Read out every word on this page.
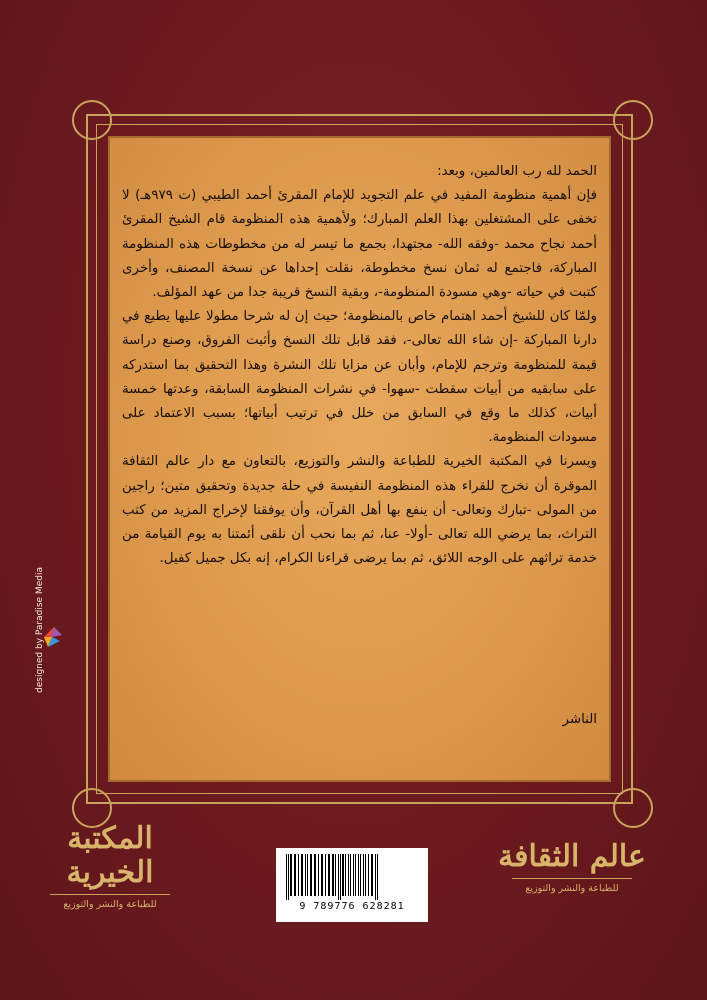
الحمد لله رب العالمين، وبعد:

فإن أهمية منظومة المفيد في علم التجويد للإمام المقرئ أحمد الطيبي (ت ٩٧٩هـ) لا تخفى على المشتغلين بهذا العلم المبارك؛ ولأهمية هذه المنظومة قام الشيخ المقرئ أحمد نجاح محمد -وفقه الله- مجتهدا، بجمع ما تيسر له من مخطوطات هذه المنظومة المباركة، فاجتمع له ثمان نسخ مخطوطة، نقلت إحداها عن نسخة المصنف، وأخرى كتبت في حياته -وهي مسودة المنظومة-، وبقية النسخ قريبة جدا من عهد المؤلف.

ولمّا كان للشيخ أحمد اهتمام خاص بالمنظومة؛ حيث إن له شرحا مطولا عليها يطبع في دارنا المباركة -إن شاء الله تعالى-، فقد قابل تلك النسخ وأثبت الفروق، وصنع دراسة قيمة للمنظومة وترجم للإمام، وأبان عن مزايا تلك النشرة وهذا التحقيق بما استدركه على سابقيه من أبيات سقطت -سهوا- في نشرات المنظومة السابقة، وعدتها خمسة أبيات، كذلك ما وقع في السابق من خلل في ترتيب أبياتها؛ بسبب الاعتماد على مسودات المنظومة.

ويسرنا في المكتبة الخيرية للطباعة والنشر والتوزيع، بالتعاون مع دار عالم الثقافة الموقرة أن نخرج للقراء هذه المنظومة النفيسة في حلة جديدة وتحقيق متين؛ راجين من المولى -تبارك وتعالى- أن ينفع بها أهل القرآن، وأن يوفقنا لإخراج المزيد من كتب التراث، بما يرضي الله تعالى -أولا- عنا، ثم بما نحب أن نلقى أئمتنا به يوم القيامة من خدمة تراثهم على الوجه اللائق، ثم بما يرضى قراءنا الكرام، إنه بكل جميل كفيل.

الناشر
designed by Paradise Media
المكتبة الخيرية
للطباعة والنشر والتوزيع	9 789776 628281
عالم الثقافة
للطباعة والنشر والتوزيع
